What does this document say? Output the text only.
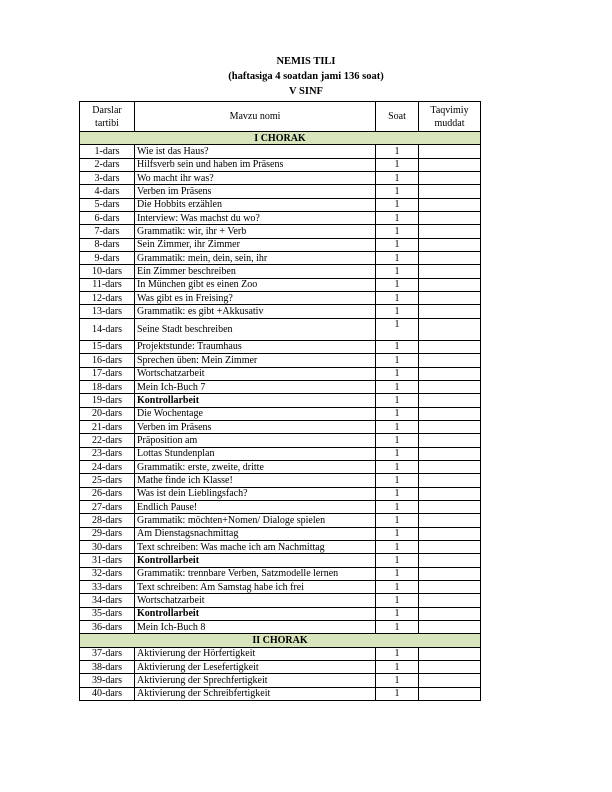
NEMIS TILI
(haftasiga 4 soatdan jami 136 soat)
V SINF
Darslar tartibi	Mavzu nomi	Soat	Taqvimiy muddat
I CHORAK			
1-dars	Wie ist das Haus?	1	
2-dars	Hilfsverb sein und haben im Präsens	1	
3-dars	Wo macht ihr was?	1	
4-dars	Verben im Präsens	1	
5-dars	Die Hobbits erzählen	1	
6-dars	Interview: Was machst du wo?	1	
7-dars	Grammatik: wir, ihr + Verb	1	
8-dars	Sein Zimmer, ihr Zimmer	1	
9-dars	Grammatik: mein, dein, sein, ihr	1	
10-dars	Ein Zimmer beschreiben	1	
11-dars	In München gibt es einen Zoo	1	
12-dars	Was gibt es in Freising?	1	
13-dars	Grammatik: es gibt +Akkusativ	1	
14-dars	Seine Stadt beschreiben	1	
15-dars	Projektstunde: Traumhaus	1	
16-dars	Sprechen üben: Mein Zimmer	1	
17-dars	Wortschatzarbeit	1	
18-dars	Mein Ich-Buch 7	1	
19-dars	Kontrollarbeit	1	
20-dars	Die Wochentage	1	
21-dars	Verben im Präsens	1	
22-dars	Präposition am	1	
23-dars	Lottas Stundenplan	1	
24-dars	Grammatik: erste, zweite, dritte	1	
25-dars	Mathe finde ich Klasse!	1	
26-dars	Was ist dein Lieblingsfach?	1	
27-dars	Endlich Pause!	1	
28-dars	Grammatik: möchten+Nomen/ Dialoge spielen	1	
29-dars	Am Dienstagsnachmittag	1	
30-dars	Text schreiben: Was mache ich am Nachmittag	1	
31-dars	Kontrollarbeit	1	
32-dars	Grammatik: trennbare Verben, Satzmodelle lernen	1	
33-dars	Text schreiben: Am Samstag habe ich frei	1	
34-dars	Wortschatzarbeit	1	
35-dars	Kontrollarbeit	1	
36-dars	Mein Ich-Buch 8	1	
II CHORAK			
37-dars	Aktivierung der Hörfertigkeit	1	
38-dars	Aktivierung der Lesefertigkeit	1	
39-dars	Aktivierung der Sprechfertigkeit	1	
40-dars	Aktivierung der Schreibfertigkeit	1	
